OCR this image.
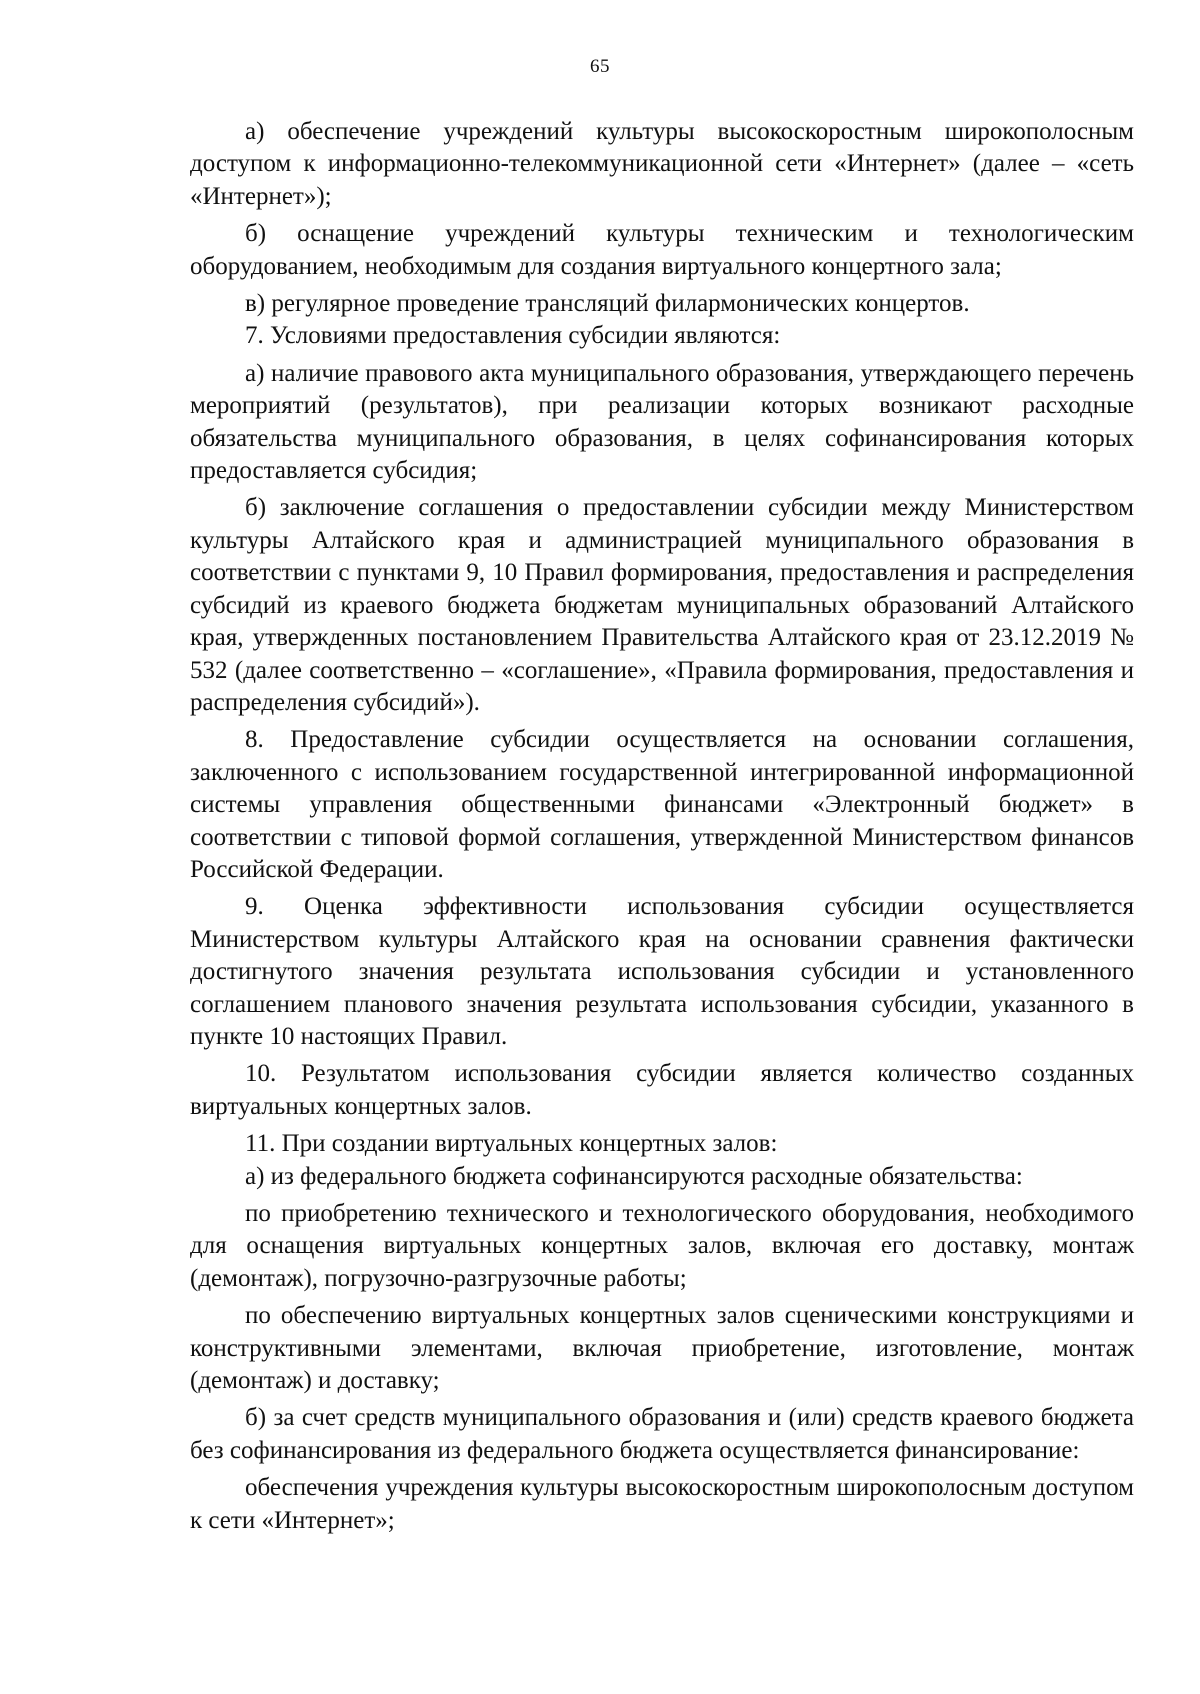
65

а) обеспечение учреждений культуры высокоскоростным широкополосным доступом к информационно-телекоммуникационной сети «Интернет» (далее – «сеть «Интернет»);

б) оснащение учреждений культуры техническим и технологическим оборудованием, необходимым для создания виртуального концертного зала;

в) регулярное проведение трансляций филармонических концертов.

7. Условиями предоставления субсидии являются:

а) наличие правового акта муниципального образования, утверждающего перечень мероприятий (результатов), при реализации которых возникают расходные обязательства муниципального образования, в целях софинансирования которых предоставляется субсидия;

б) заключение соглашения о предоставлении субсидии между Министерством культуры Алтайского края и администрацией муниципального образования в соответствии с пунктами 9, 10 Правил формирования, предоставления и распределения субсидий из краевого бюджета бюджетам муниципальных образований Алтайского края, утвержденных постановлением Правительства Алтайского края от 23.12.2019 № 532 (далее соответственно – «соглашение», «Правила формирования, предоставления и распределения субсидий»).

8. Предоставление субсидии осуществляется на основании соглашения, заключенного с использованием государственной интегрированной информационной системы управления общественными финансами «Электронный бюджет» в соответствии с типовой формой соглашения, утвержденной Министерством финансов Российской Федерации.

9. Оценка эффективности использования субсидии осуществляется Министерством культуры Алтайского края на основании сравнения фактически достигнутого значения результата использования субсидии и установленного соглашением планового значения результата использования субсидии, указанного в пункте 10 настоящих Правил.

10. Результатом использования субсидии является количество созданных виртуальных концертных залов.

11. При создании виртуальных концертных залов:

а) из федерального бюджета софинансируются расходные обязательства:

по приобретению технического и технологического оборудования, необходимого для оснащения виртуальных концертных залов, включая его доставку, монтаж (демонтаж), погрузочно-разгрузочные работы;

по обеспечению виртуальных концертных залов сценическими конструкциями и конструктивными элементами, включая приобретение, изготовление, монтаж (демонтаж) и доставку;

б) за счет средств муниципального образования и (или) средств краевого бюджета без софинансирования из федерального бюджета осуществляется финансирование:

обеспечения учреждения культуры высокоскоростным широкополосным доступом к сети «Интернет»;
